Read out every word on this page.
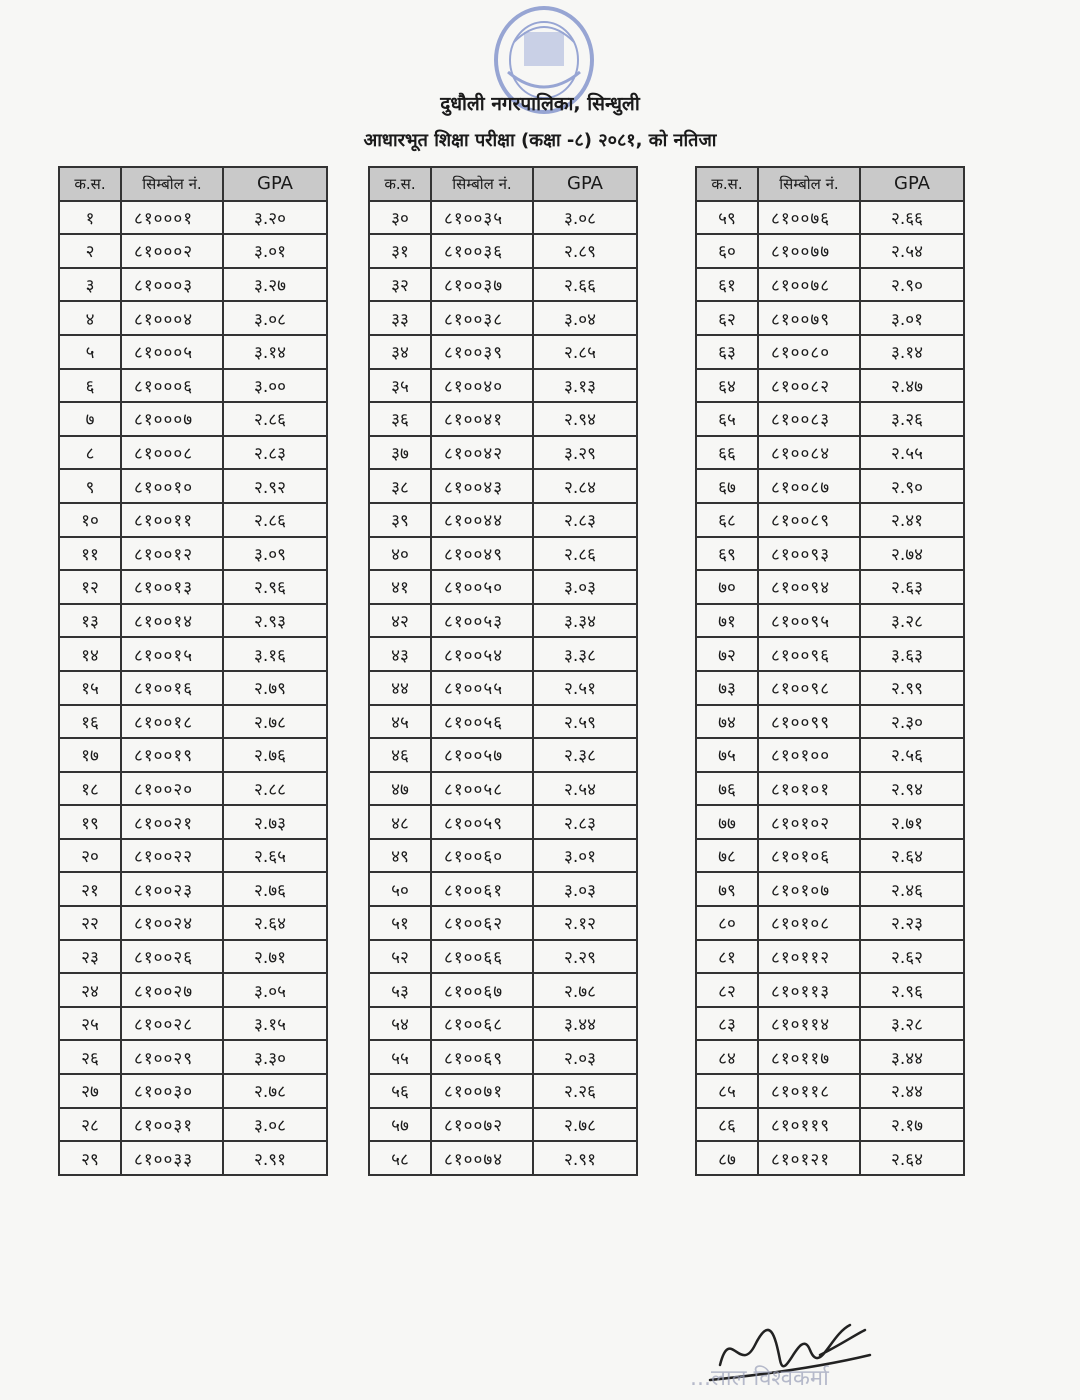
दुधौली नगरपालिका, सिन्धुली
आधारभूत शिक्षा परीक्षा (कक्षा -८) २०८१, को नतिजा
क.स.	सिम्बोल नं.	GPA
१	८१०००१	३.२०
२	८१०००२	३.०१
३	८१०००३	३.२७
४	८१०००४	३.०८
५	८१०००५	३.१४
६	८१०००६	३.००
७	८१०००७	२.८६
८	८१०००८	२.८३
९	८१००१०	२.९२
१०	८१००११	२.८६
११	८१००१२	३.०९
१२	८१००१३	२.९६
१३	८१००१४	२.९३
१४	८१००१५	३.१६
१५	८१००१६	२.७९
१६	८१००१८	२.७८
१७	८१००१९	२.७६
१८	८१००२०	२.८८
१९	८१००२१	२.७३
२०	८१००२२	२.६५
२१	८१००२३	२.७६
२२	८१००२४	२.६४
२३	८१००२६	२.७१
२४	८१००२७	३.०५
२५	८१००२८	३.१५
२६	८१००२९	३.३०
२७	८१००३०	२.७८
२८	८१००३१	३.०८
२९	८१००३३	२.९१
क.स.	सिम्बोल नं.	GPA
३०	८१००३५	३.०८
३१	८१००३६	२.८९
३२	८१००३७	२.६६
३३	८१००३८	३.०४
३४	८१००३९	२.८५
३५	८१००४०	३.१३
३६	८१००४१	२.९४
३७	८१००४२	३.२९
३८	८१००४३	२.८४
३९	८१००४४	२.८३
४०	८१००४९	२.८६
४१	८१००५०	३.०३
४२	८१००५३	३.३४
४३	८१००५४	३.३८
४४	८१००५५	२.५१
४५	८१००५६	२.५९
४६	८१००५७	२.३८
४७	८१००५८	२.५४
४८	८१००५९	२.८३
४९	८१००६०	३.०१
५०	८१००६१	३.०३
५१	८१००६२	२.१२
५२	८१००६६	२.२९
५३	८१००६७	२.७८
५४	८१००६८	३.४४
५५	८१००६९	२.०३
५६	८१००७१	२.२६
५७	८१००७२	२.७८
५८	८१००७४	२.९१
क.स.	सिम्बोल नं.	GPA
५९	८१००७६	२.६६
६०	८१००७७	२.५४
६१	८१००७८	२.९०
६२	८१००७९	३.०१
६३	८१००८०	३.१४
६४	८१००८२	२.४७
६५	८१००८३	३.२६
६६	८१००८४	२.५५
६७	८१००८७	२.९०
६८	८१००८९	२.४१
६९	८१००९३	२.७४
७०	८१००९४	२.६३
७१	८१००९५	३.२८
७२	८१००९६	३.६३
७३	८१००९८	२.९९
७४	८१००९९	२.३०
७५	८१०१००	२.५६
७६	८१०१०१	२.९४
७७	८१०१०२	२.७१
७८	८१०१०६	२.६४
७९	८१०१०७	२.४६
८०	८१०१०८	२.२३
८१	८१०११२	२.६२
८२	८१०११३	२.९६
८३	८१०११४	३.२८
८४	८१०११७	३.४४
८५	८१०११८	२.४४
८६	८१०११९	२.१७
८७	८१०१२१	२.६४
...लाल विश्वकर्मा
